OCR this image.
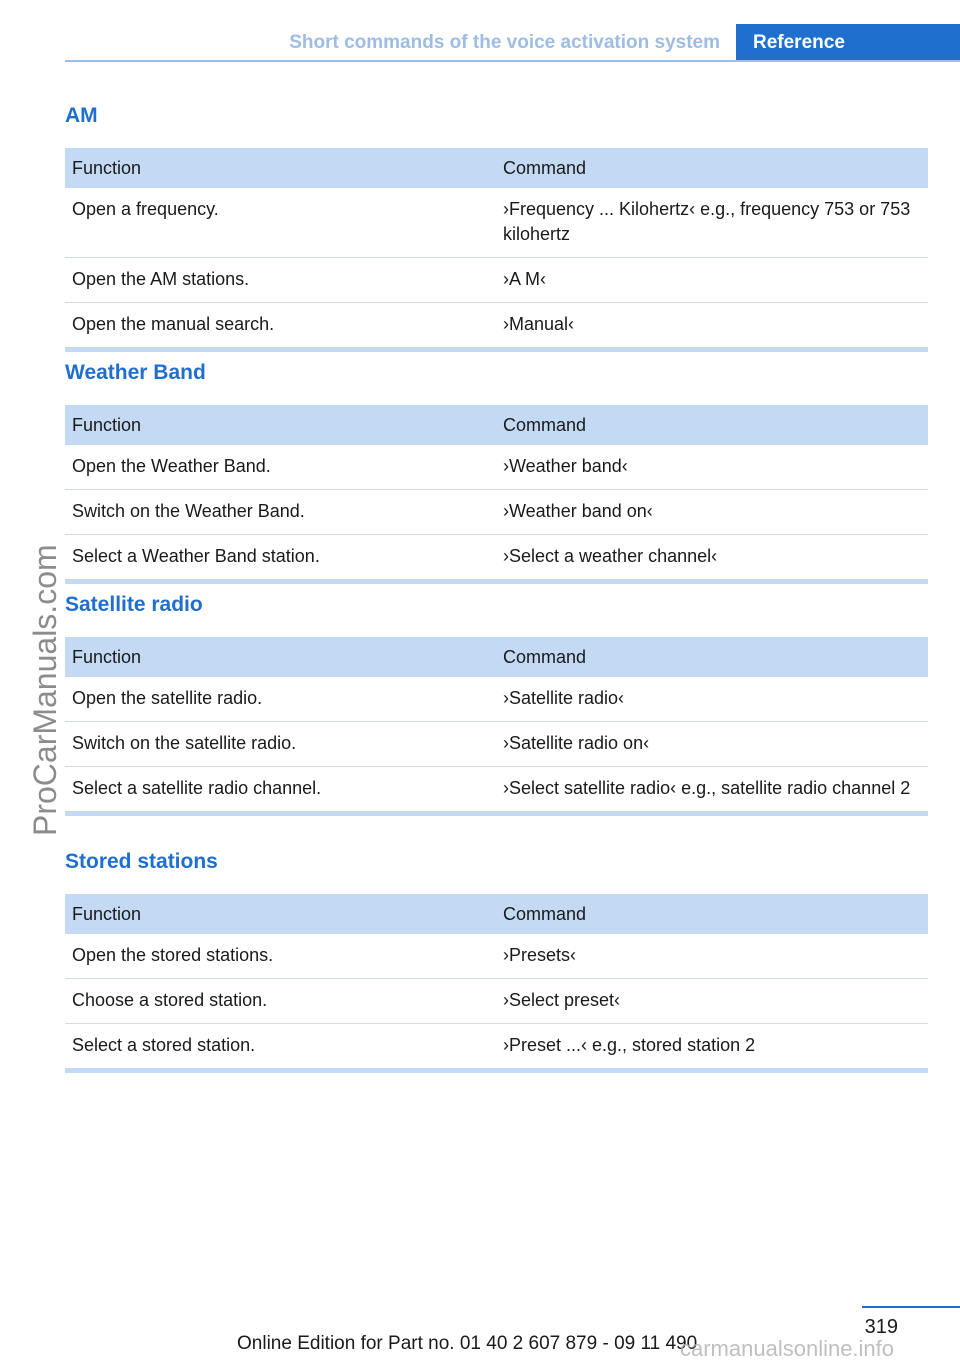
Short commands of the voice activation system	Reference
ProCarManuals.com
AM
Function	Command
Open a frequency.	›Frequency ... Kilohertz‹ e.g., frequency 753 or 753 kilohertz
Open the AM stations.	›A M‹
Open the manual search.	›Manual‹
Weather Band
Function	Command
Open the Weather Band.	›Weather band‹
Switch on the Weather Band.	›Weather band on‹
Select a Weather Band station.	›Select a weather channel‹
Satellite radio
Function	Command
Open the satellite radio.	›Satellite radio‹
Switch on the satellite radio.	›Satellite radio on‹
Select a satellite radio channel.	›Select satellite radio‹ e.g., satellite radio channel 2
Stored stations
Function	Command
Open the stored stations.	›Presets‹
Choose a stored station.	›Select preset‹
Select a stored station.	›Preset ...‹ e.g., stored station 2
319
Online Edition for Part no. 01 40 2 607 879 - 09 11 490
carmanualsonline.info
